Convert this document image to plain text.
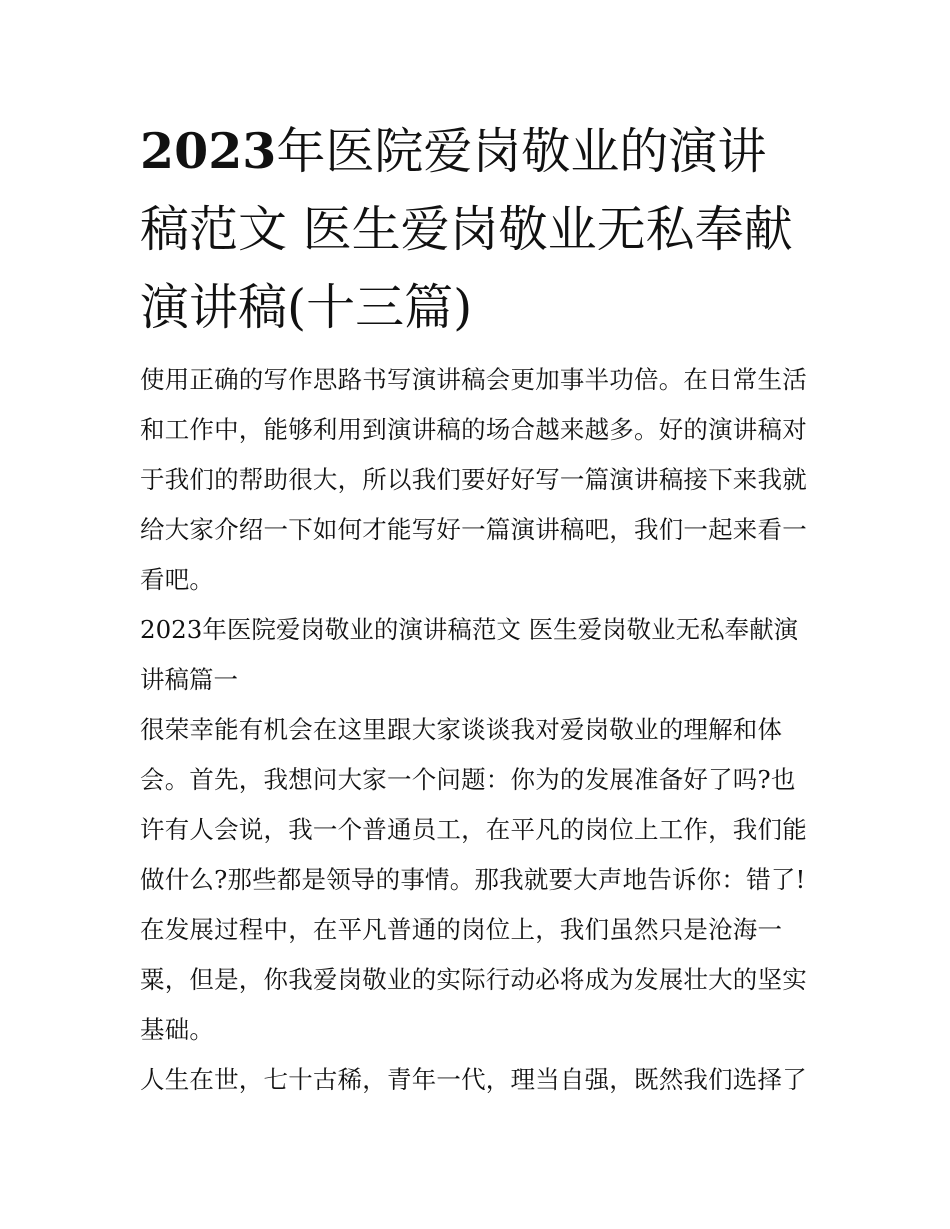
2023年医院爱岗敬业的演讲稿范文 医生爱岗敬业无私奉献演讲稿(十三篇)

使用正确的写作思路书写演讲稿会更加事半功倍。在日常生活和工作中，能够利用到演讲稿的场合越来越多。好的演讲稿对于我们的帮助很大，所以我们要好好写一篇演讲稿接下来我就给大家介绍一下如何才能写好一篇演讲稿吧，我们一起来看一看吧。

2023年医院爱岗敬业的演讲稿范文 医生爱岗敬业无私奉献演讲稿篇一

很荣幸能有机会在这里跟大家谈谈我对爱岗敬业的理解和体会。首先，我想问大家一个问题：你为的发展准备好了吗?也许有人会说，我一个普通员工，在平凡的岗位上工作，我们能做什么?那些都是领导的事情。那我就要大声地告诉你：错了!在发展过程中，在平凡普通的岗位上，我们虽然只是沧海一粟，但是，你我爱岗敬业的实际行动必将成为发展壮大的坚实基础。

人生在世，七十古稀，青年一代，理当自强，既然我们选择了
